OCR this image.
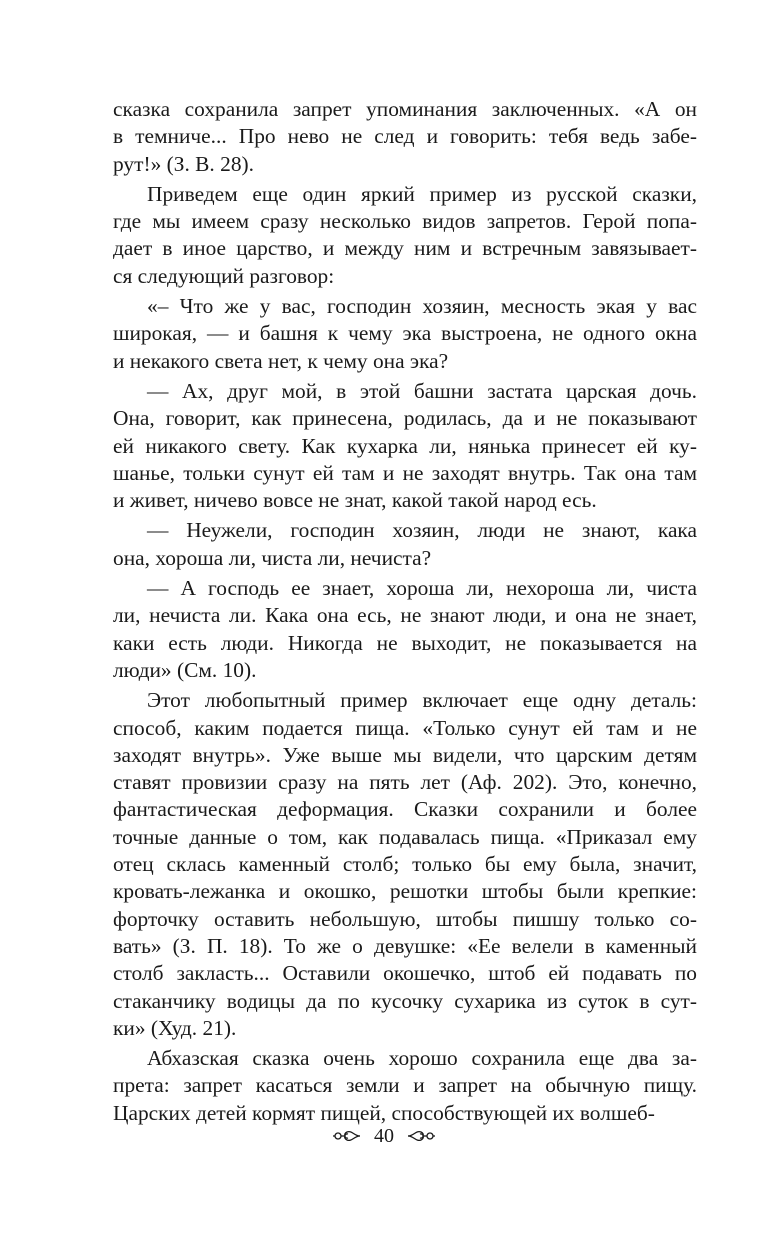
сказка сохранила запрет упоминания заключенных. «А он
в темниче... Про нево не след и говорить: тебя ведь забе-
рут!» (З. В. 28).
Приведем еще один яркий пример из русской сказки,
где мы имеем сразу несколько видов запретов. Герой попа-
дает в иное царство, и между ним и встречным завязывает-
ся следующий разговор:
«– Что же у вас, господин хозяин, месность экая у вас
широкая, — и башня к чему эка выстроена, не одного окна
и некакого света нет, к чему она эка?
— Ах, друг мой, в этой башни застата царская дочь.
Она, говорит, как принесена, родилась, да и не показывают
ей никакого свету. Как кухарка ли, нянька принесет ей ку-
шанье, тольки сунут ей там и не заходят внутрь. Так она там
и живет, ничево вовсе не знат, какой такой народ есь.
— Неужели, господин хозяин, люди не знают, кака
она, хороша ли, чиста ли, нечиста?
— А господь ее знает, хороша ли, нехороша ли, чиста
ли, нечиста ли. Кака она есь, не знают люди, и она не знает,
каки есть люди. Никогда не выходит, не показывается на
люди» (См. 10).
Этот любопытный пример включает еще одну деталь:
способ, каким подается пища. «Только сунут ей там и не
заходят внутрь». Уже выше мы видели, что царским детям
ставят провизии сразу на пять лет (Аф. 202). Это, конечно,
фантастическая деформация. Сказки сохранили и более
точные данные о том, как подавалась пища. «Приказал ему
отец склась каменный столб; только бы ему была, значит,
кровать-лежанка и окошко, решотки штобы были крепкие:
форточку оставить небольшую, штобы пишшу только со-
вать» (З. П. 18). То же о девушке: «Ее велели в каменный
столб закласть... Оставили окошечко, штоб ей подавать по
стаканчику водицы да по кусочку сухарика из суток в сут-
ки» (Худ. 21).
Абхазская сказка очень хорошо сохранила еще два за-
прета: запрет касаться земли и запрет на обычную пищу.
Царских детей кормят пищей, способствующей их волшеб-
40
